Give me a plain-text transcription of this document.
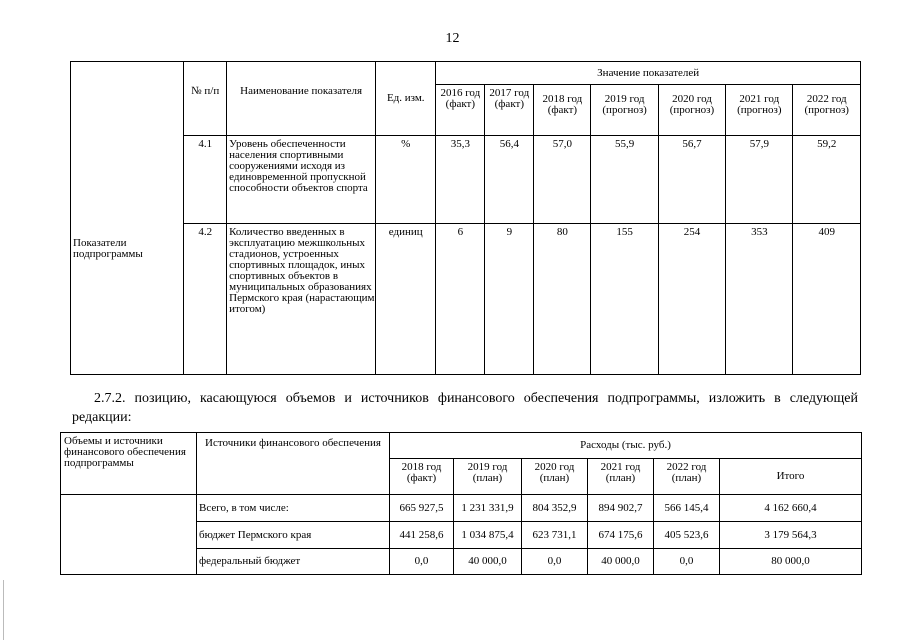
12
Показатели подпрограммы	№ п/п	Наименование показателя	Ед. изм.	Значение показателей						
				2016 год (факт)	2017 год (факт)	2018 год (факт)	2019 год (прогноз)	2020 год (прогноз)	2021 год (прогноз)	2022 год (прогноз)
	4.1	Уровень обеспеченности населения спортивными сооружениями исходя из единовременной пропускной способности объектов спорта	%	35,3	56,4	57,0	55,9	56,7	57,9	59,2
	4.2	Количество введенных в эксплуатацию межшкольных стадионов, устроенных спортивных площадок, иных спортивных объектов в муниципальных образованиях Пермского края (нарастающим итогом)	единиц	6	9	80	155	254	353	409
2.7.2. позицию, касающуюся объемов и источников финансового обеспечения подпрограммы, изложить в следующей редакции:
Объемы и источники финансового обеспечения подпрограммы	Источники финансового обеспечения	Расходы (тыс. руб.)					
		2018 год (факт)	2019 год (план)	2020 год (план)	2021 год (план)	2022 год (план)	Итого
	Всего, в том числе:	665 927,5	1 231 331,9	804 352,9	894 902,7	566 145,4	4 162 660,4
	бюджет Пермского края	441 258,6	1 034 875,4	623 731,1	674 175,6	405 523,6	3 179 564,3
	федеральный бюджет	0,0	40 000,0	0,0	40 000,0	0,0	80 000,0
